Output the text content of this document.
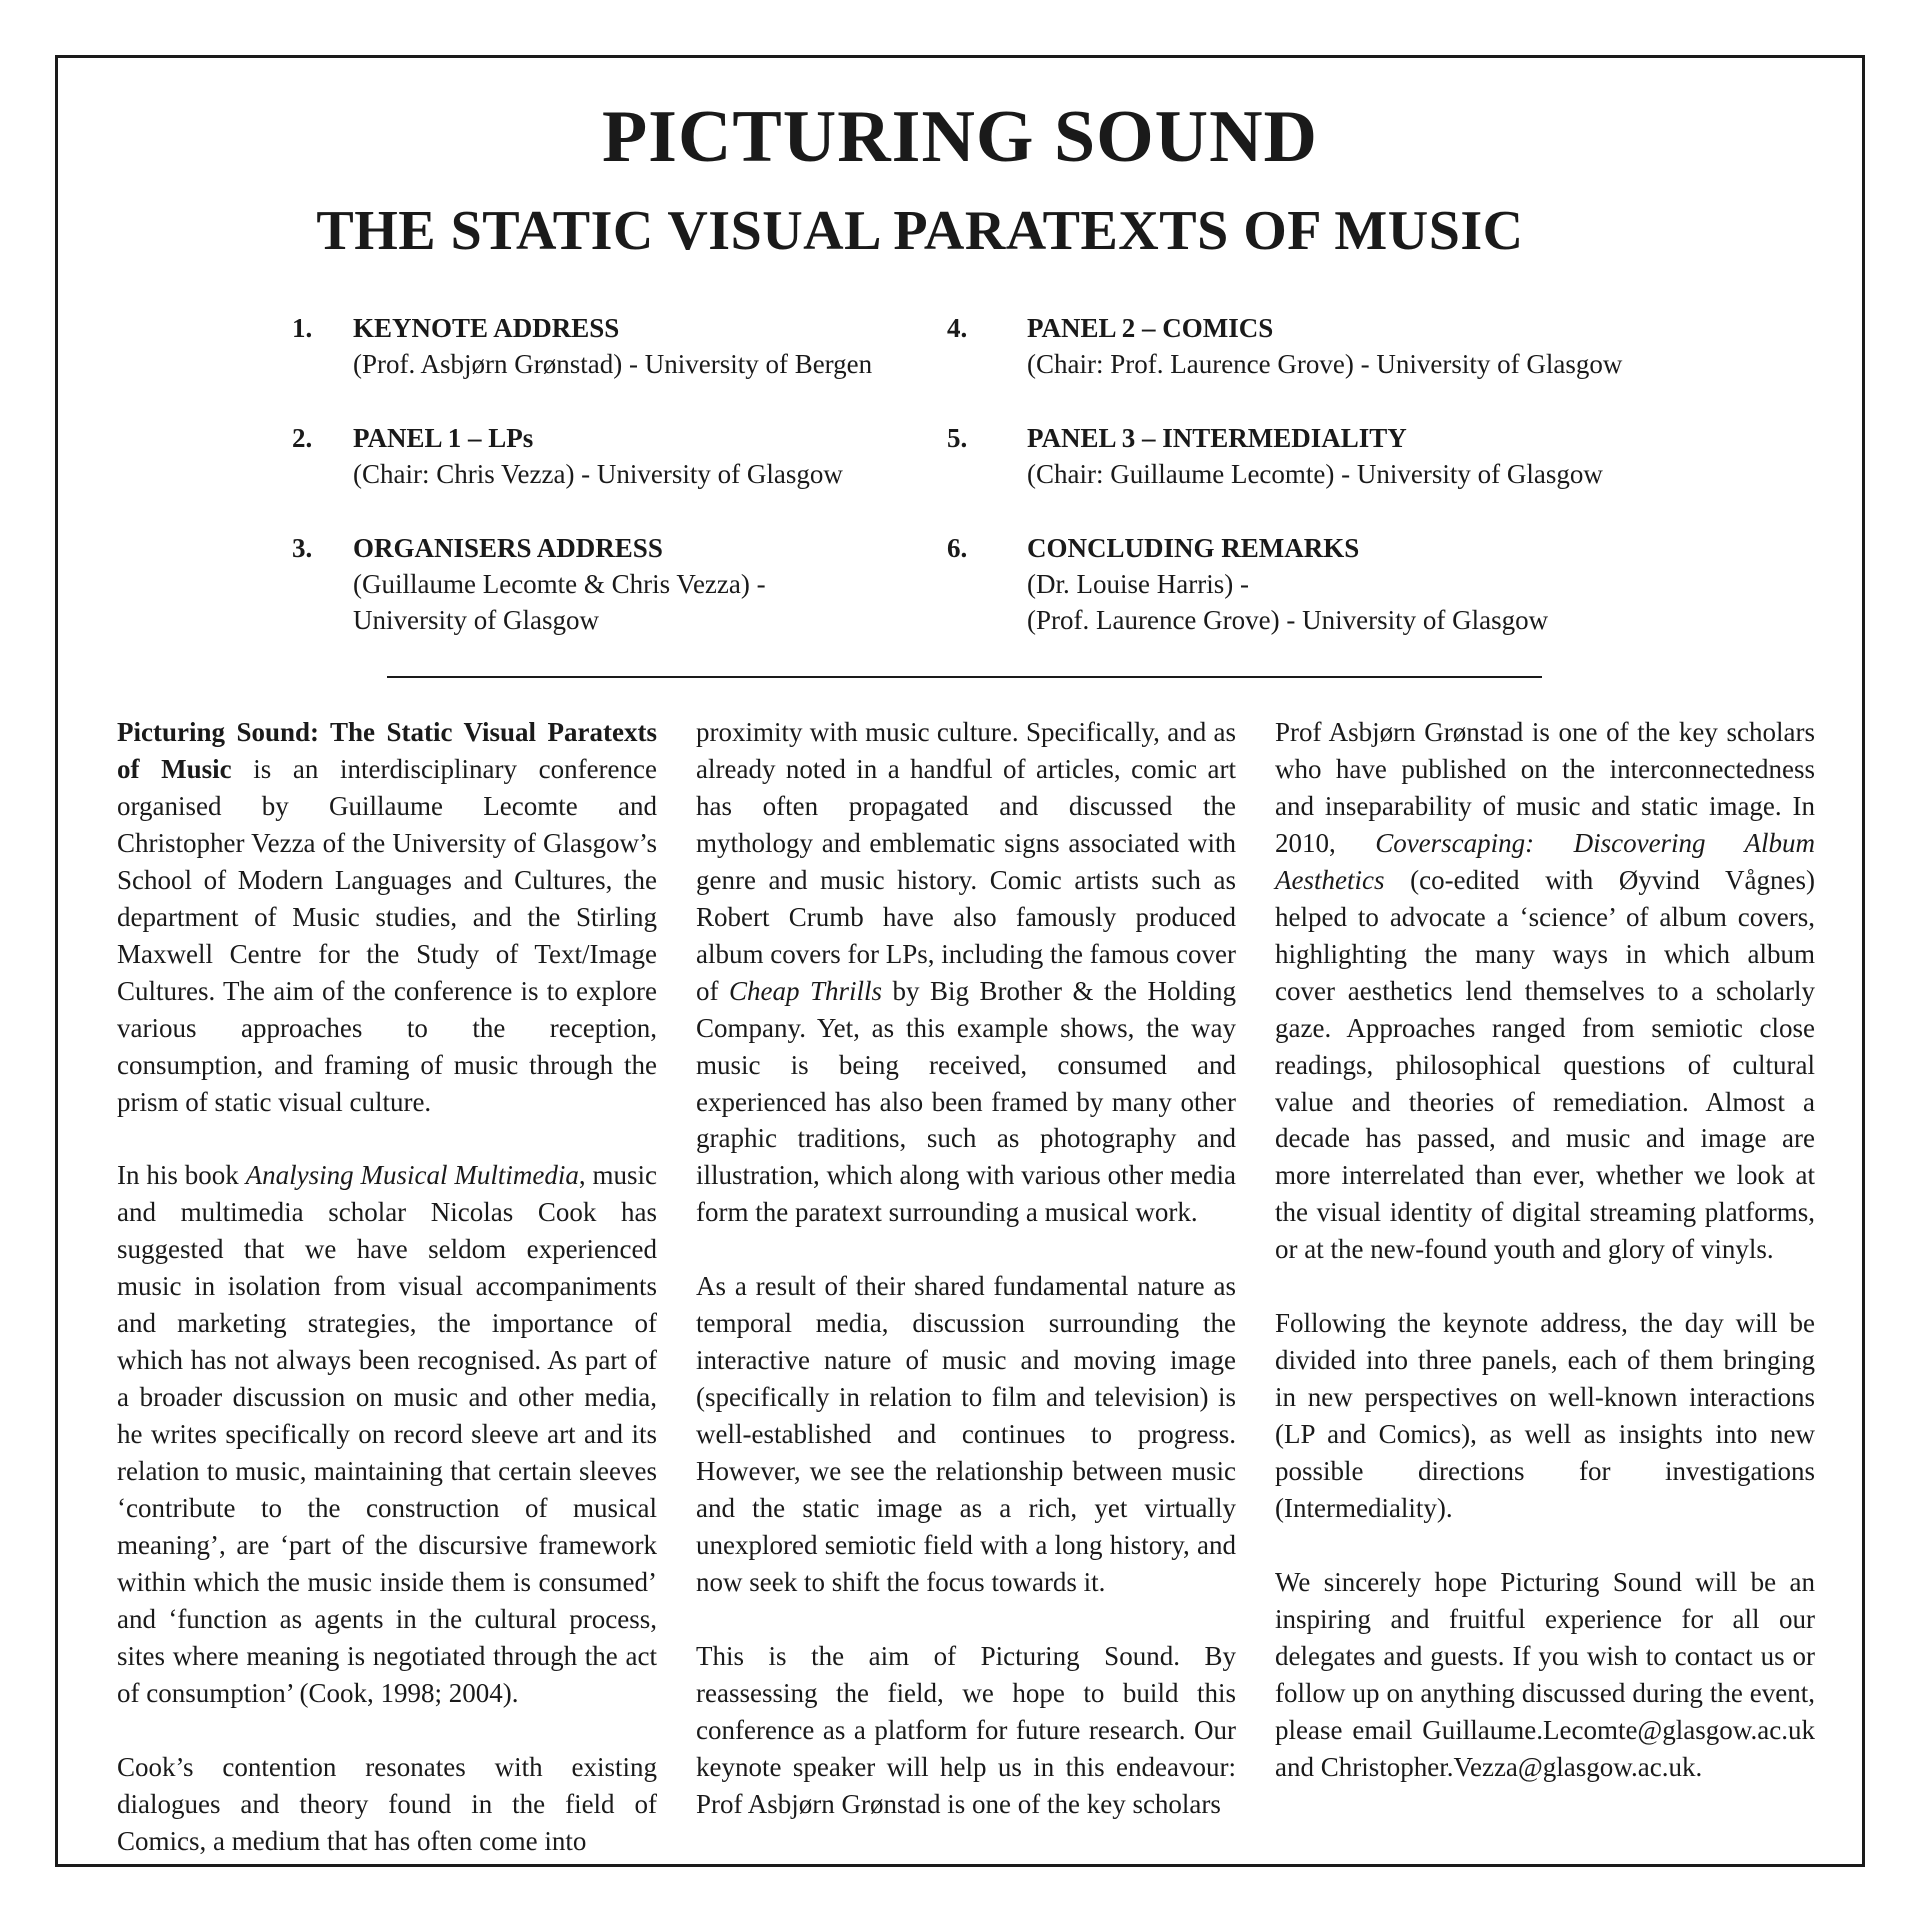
PICTURING SOUND
THE STATIC VISUAL PARATEXTS OF MUSIC
1. KEYNOTE ADDRESS
(Prof. Asbjørn Grønstad) - University of Bergen
2. PANEL 1 – LPs
(Chair: Chris Vezza) - University of Glasgow
3. ORGANISERS ADDRESS
(Guillaume Lecomte & Chris Vezza) -
University of Glasgow
4. PANEL 2 – COMICS
(Chair: Prof. Laurence Grove) - University of Glasgow
5. PANEL 3 – INTERMEDIALITY
(Chair: Guillaume Lecomte) - University of Glasgow
6. CONCLUDING REMARKS
(Dr. Louise Harris) -
(Prof. Laurence Grove) - University of Glasgow

Picturing Sound: The Static Visual Paratexts of Music is an interdisciplinary conference organised by Guillaume Lecomte and Christopher Vezza of the University of Glasgow’s School of Modern Languages and Cultures, the department of Music studies, and the Stirling Maxwell Centre for the Study of Text/Image Cultures. The aim of the conference is to explore various approaches to the reception, consumption, and framing of music through the prism of static visual culture.

In his book Analysing Musical Multimedia, music and multimedia scholar Nicolas Cook has suggested that we have seldom experienced music in isolation from visual accompaniments and marketing strategies, the importance of which has not always been recognised. As part of a broader discussion on music and other media, he writes specifically on record sleeve art and its relation to music, maintaining that certain sleeves ‘contribute to the construction of musical meaning’, are ‘part of the discursive framework within which the music inside them is consumed’ and ‘function as agents in the cultural process, sites where meaning is negotiated through the act of consumption’ (Cook, 1998; 2004).

Cook’s contention resonates with existing dialogues and theory found in the field of Comics, a medium that has often come into

proximity with music culture. Specifically, and as already noted in a handful of articles, comic art has often propagated and discussed the mythology and emblematic signs associated with genre and music history. Comic artists such as Robert Crumb have also famously produced album covers for LPs, including the famous cover of Cheap Thrills by Big Brother & the Holding Company. Yet, as this example shows, the way music is being received, consumed and experienced has also been framed by many other graphic traditions, such as photography and illustration, which along with various other media form the paratext surrounding a musical work.

As a result of their shared fundamental nature as temporal media, discussion surrounding the interactive nature of music and moving image (specifically in relation to film and television) is well-established and continues to progress. However, we see the relationship between music and the static image as a rich, yet virtually unexplored semiotic field with a long history, and now seek to shift the focus towards it.

This is the aim of Picturing Sound. By reassessing the field, we hope to build this conference as a platform for future research. Our keynote speaker will help us in this endeavour: Prof Asbjørn Grønstad is one of the key scholars

Prof Asbjørn Grønstad is one of the key scholars who have published on the interconnectedness and inseparability of music and static image. In 2010, Coverscaping: Discovering Album Aesthetics (co-edited with Øyvind Vågnes) helped to advocate a ‘science’ of album covers, highlighting the many ways in which album cover aesthetics lend themselves to a scholarly gaze. Approaches ranged from semiotic close readings, philosophical questions of cultural value and theories of remediation. Almost a decade has passed, and music and image are more interrelated than ever, whether we look at the visual identity of digital streaming platforms, or at the new-found youth and glory of vinyls.

Following the keynote address, the day will be divided into three panels, each of them bringing in new perspectives on well-known interactions (LP and Comics), as well as insights into new possible directions for investigations (Intermediality).

We sincerely hope Picturing Sound will be an inspiring and fruitful experience for all our delegates and guests. If you wish to contact us or follow up on anything discussed during the event, please email Guillaume.Lecomte@glasgow.ac.uk and Christopher.Vezza@glasgow.ac.uk.
